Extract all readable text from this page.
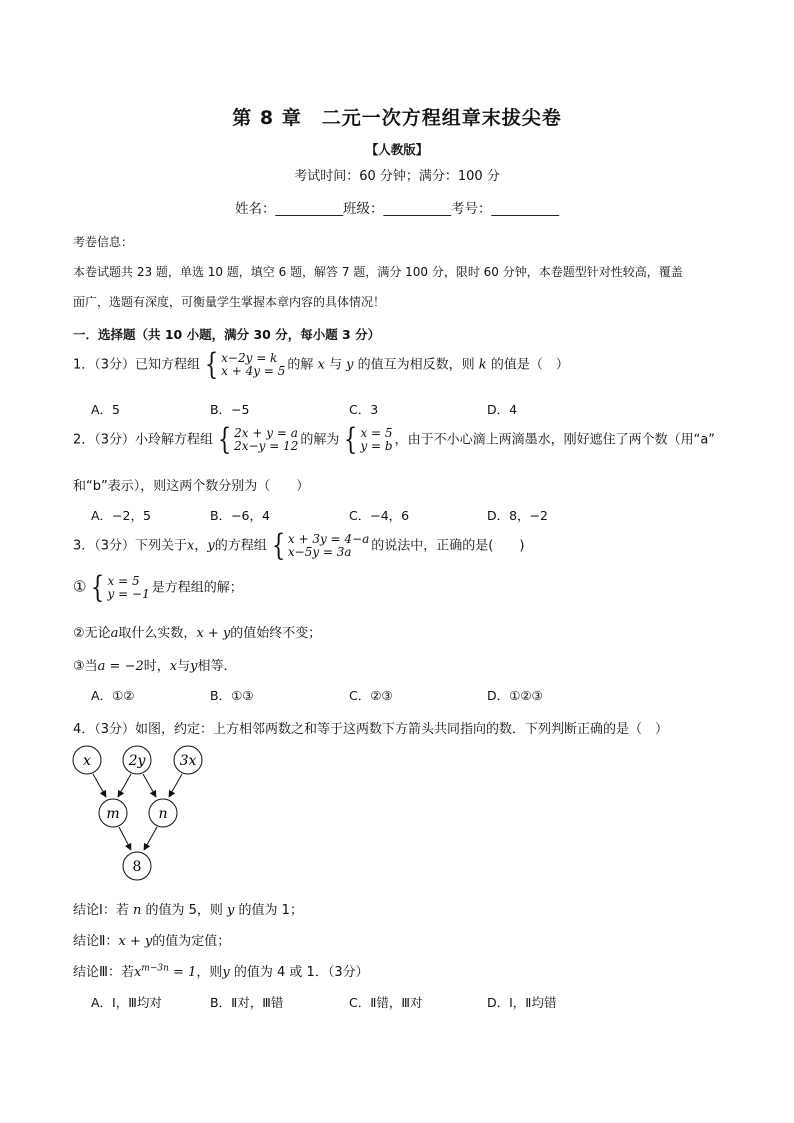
第 8 章　二元一次方程组章末拔尖卷
【人教版】
考试时间：60 分钟；满分：100 分
姓名：__________班级：__________考号：__________
考卷信息：
本卷试题共 23 题，单选 10 题，填空 6 题，解答 7 题，满分 100 分，限时 60 分钟，本卷题型针对性较高，覆盖
面广，选题有深度，可衡量学生掌握本章内容的具体情况！
一．选择题（共 10 小题，满分 30 分，每小题 3 分）
1．（3分）已知方程组 { x−2y = k
x + 4y = 5 的解 x 与 y 的值互为相反数，则 k 的值是（　）
A．5	B．−5	C．3	D．4
2．（3分）小玲解方程组 { 2x + y = a
2x−y = 12 的解为 { x = 5
y = b ，由于不小心滴上两滴墨水，刚好遮住了两个数（用“a”
和“b”表示），则这两个数分别为（　　）
A．−2，5	B．−6，4	C．−4，6	D．8，−2
3．（3分）下列关于x，y的方程组 { x + 3y = 4−a
x−5y = 3a	的说法中，正确的是(　　)
① { x = 5
y = −1 是方程组的解；
②无论a取什么实数，x + y的值始终不变；
③当a = −2时，x与y相等．
A．①②	B．①③	C．②③	D．①②③
4．（3分）如图，约定：上方相邻两数之和等于这两数下方箭头共同指向的数．下列判断正确的是（　）
x	2y 3x
m	n
8
结论Ⅰ：若 n 的值为 5，则 y 的值为 1；
结论Ⅱ：x + y的值为定值；
结论Ⅲ：若$x^{m-3n} = 1$，则y 的值为 4 或 1．（3分）
A．Ⅰ，Ⅲ均对	B．Ⅱ对，Ⅲ错	C．Ⅱ错，Ⅲ对	D．Ⅰ，Ⅱ均错
